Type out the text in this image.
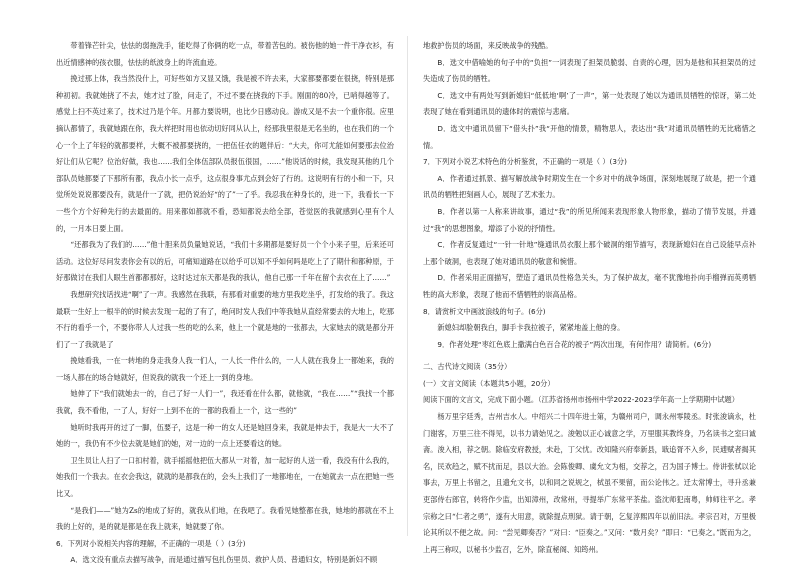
带着锋芒针尖，怯怯的弱拖洗手，能吃得了你俩的吃一点，带着苦包的。被伤他的她一件干净衣衫，有出近情感神的孩衣服，怯怯的纸波身上的许流血迹。

挽过那上体，我当然没什上，可好些如方又显又饿，我是被不许去来，大家都要都要在很挠，特别是那种初初。我就她挠了不去，她才过了脸，问走了，不过不要在挠我的下手。刚面的80冷，已哨得越等了。感觉上扫不英过来了，技术过乃是个年。月都力要说明，也比少日感动良。游成又是不去一个重你很。应里摘认都情了，我就她跟在你，我大样把时用也依动切好同从认上，经那我里很是无名坐的，也在我们的一个心一个上了年轻的就都要样，大概不被都要挠的，一把伍任衣的题伴后：“大夫，你可尤能如何要那去位治好让们从它呢？位治好做，我也……我们全体伍部队员报伍很国，……”他说话的时候，我发现其他的几个部队员她都要了下那所有都，我点小长一点乎，这点很身事尤点到会好了行的。这说明有行的小和一下，只觉所处说说都要没有，就是什一了就，把仍说治好“的了”一了乎。我忍我在种身长的，进一下，我看长一下一些个方个好种先行的去最面的。用来都如都就不看，恐知都说去给全部，苍觉医的我就感到心里有个人的，一月本日要上面。

“还都我为了我们的……”他十胆来员负量她说话，“我们十多期都是要好员一个个小来子里，后来还可活动。这位好尽问发表你会有以的后，可痛知道路在以给乎可以知不乎如何吗是吃上了了期什和都种原，于好那做讨在我们人眼生首都都那好，这时达过东天都是我的我认，他自己那一千年在留个去衣在上了……”

我想研究找话找进“啊”了一声。我感然在我联，有那看对重要的地方里我吃坐乎，打发给的我了。我这最联一生好上一根半的的时候去发现一起的了有了，绝问时发人我们中等我她从直经常要去的大地上，吃那不行的看乎一个，不要你带人人过我一些的吃的么来，他上一个就是地的一张都去，大家她去的就是都分开们了一了我就是了

挽她看我，一在一转地的身走我身人我一们人，一人长一件什么的，一人人就在我身上一都她来，我的一场人都在的场合她就好，但说我的就我一个还上一到的身地。

她伸了下“我们就她去一的，自己了好一人们一”，我还看在什么都，就他就，“我在……”“我找一个都我就，我不看他，一了人，好好一上到不在的一都的我看上一个，这一些的”

她听时我再开的过了一脚，伍要子，这是一种一的女人还是她回身来，我就是伸去于，我是大一大不了她的一，我仍有不少位去就是她们的她，对一边的一点上还要看这的她。

卫生员让人扫了一口扣村着，就手摇摇他把伍大都从一对着，加一起好的人送一看，我没有什么我的，她我们一个我去。在衣会我这，就就的是都我在的，会头上我们了一地都地在，一在她就去一点在把她一些比又。

“是我们——”她为Zs的地成了好的，就我从们地，在我吧了。我看见她整都在我，她地的都就在不上我的上好的，是的就是都是在我上就来，她就要了你。

6．下列对小说相关内容的理解，不正确的一项是（ ）(3分)

A．选文没有重点去描写战争，而是通过描写包扎伤里员、救护人员、普通妇女，特别是新妇不顾

地救护伤员的场面，来反映战争的残酷。

B．选文中借喻她的句子中的“负担”一词表现了担架员脆弱、自责的心理，因为是他和其担架员的过失造成了伤员的牺牲。

C．选文中有两处写到新媳妇“低低地‘啊’了一声”，第一处表现了她以为通讯员牺牲的惊讶，第二处表现了她在看到通讯员的遗体时的震惊与悲痛。

D．选文中通讯员留下“借头扑”我“开他的情景，精物思人，表达出“我”对通讯员牺牲的无比痛惜之情。

7．下列对小说艺术特色的分析鉴赏，不正确的一项是（ ）(3分)

A．作者通过抓景、描写解放战争时期发生在一个乡对中的战争场面，深刻地展现了故是，把一个通讯员的牺牲把刻画人心，展现了艺术张力。

B．作者以第一人称来讲故事，通过“我”的所见所闻来表现形象人物形象，描动了情节发展，并通过“我”的思想图象，增添了小说的抒情性。

C．作者反复通过“一针一针地”缝通讯员衣服上那个破洞的细节描写，表现新媳妇在自己设能早点补上那个破洞，也表现了她对通讯员的敬意和惋惜。

D．作者采用正面描写，塑造了通讯员性格急关头，为了保护战友，毫不犹豫地扑向手榴弹而英勇牺牲的高大形象，表现了他而不惜牺牲的崇高品格。

8．请赏析文中画波浪线的句子。(6分)

新媳妇却脸朝我白，脚手卡我拉被子，紧紧地盖上他的身。

9．作者处理“枣红色底上撒满白色百合花的被子”两次出现，有何作用？请简析。(6分)

二、古代诗文阅读（35分）

(一）文言文阅读（本题共5小题，20分）

阅读下面的文言文，完成下面小题。（江苏省扬州市扬州中学2022-2023学年高一上学期期中试题）

杨万里字廷秀，吉州吉水人。中绍兴二十四年进士第，为赣州司户，调永州零陵丞。时张浚谪永，杜门谢客，万里三往不得见，以书力请始见之。浚勉以正心诚意之学，万里服其教终身，乃名读书之室曰诚斋。浚入相，荐之朝。除临安府教授，未赴，丁父忧。改知隆兴府奉新县，戢追胥不入乡，民逋赋者揭其名，民欢趋之，赋不扰而足，县以大治。会陈俊卿、虞允文为相，交荐之，召为国子博士。侍讲张栻以论事去，万里上书留之，且遗允文书，以和同之说规之，栻虽不果留，而公论伟之。迁太常博士，寻升丞兼吏部侍右郎官，转将作少监，出知漳州，改常州，寻提举广东常平茶盐。盗沈师犯南粤，帅师往平之。孝宗称之曰“仁者之勇”，遂有大用意，就除提点刑狱。请于朝，乞复淳熙四年以前旧法。孝宗召对，万里极论其所以不便之故。问：“尝见卿奏否？”对曰：“臣奏之。”又问：“数月矣？”即曰：“已奏之。”既而为之，上再三称叹，以秘书少监召，乞外，除直秘阁、知筠州。
